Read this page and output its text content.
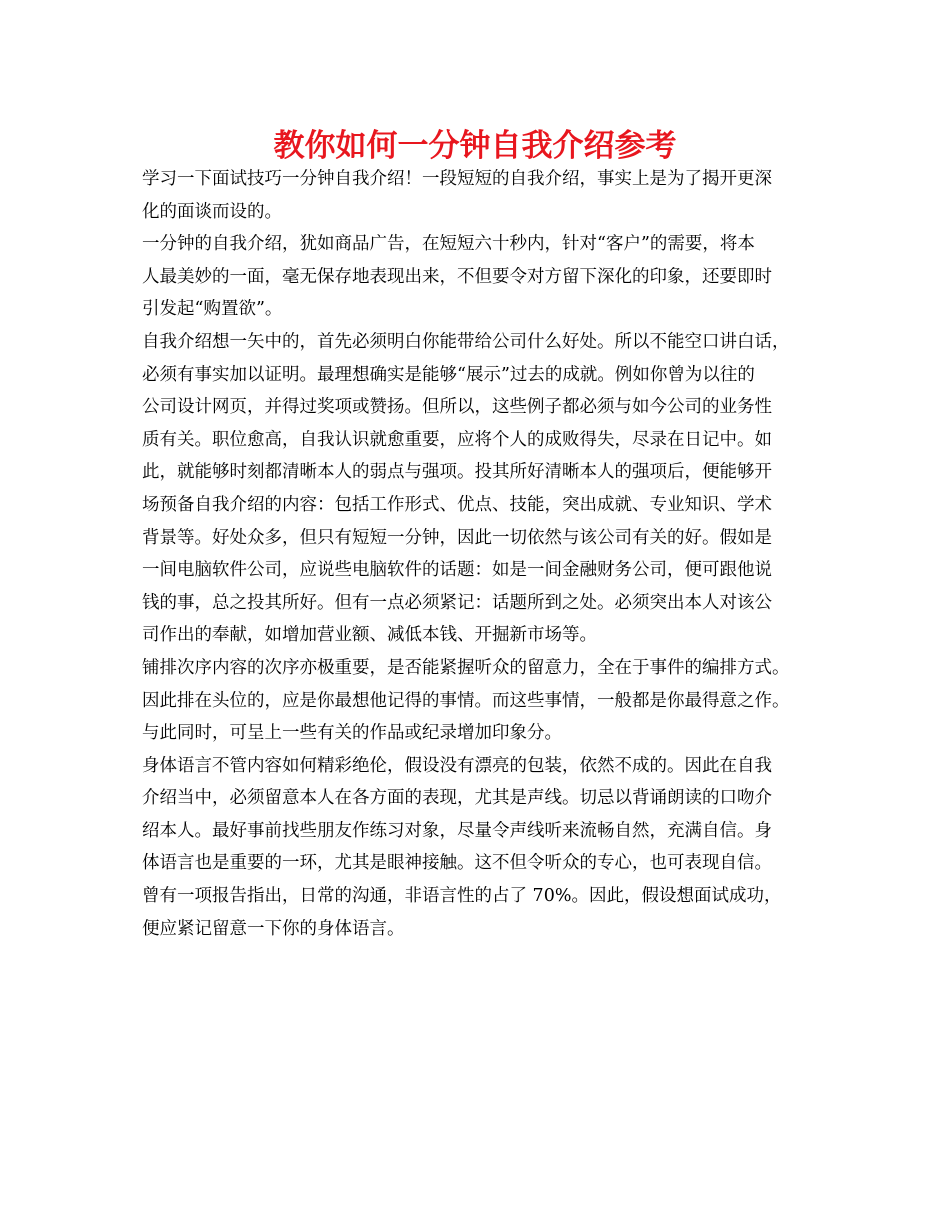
教你如何一分钟自我介绍参考
学习一下面试技巧一分钟自我介绍！一段短短的自我介绍，事实上是为了揭开更深
化的面谈而设的。
一分钟的自我介绍，犹如商品广告，在短短六十秒内，针对“客户”的需要，将本
人最美妙的一面，毫无保存地表现出来，不但要令对方留下深化的印象，还要即时
引发起“购置欲”。
自我介绍想一矢中的，首先必须明白你能带给公司什么好处。所以不能空口讲白话，
必须有事实加以证明。最理想确实是能够“展示”过去的成就。例如你曾为以往的
公司设计网页，并得过奖项或赞扬。但所以，这些例子都必须与如今公司的业务性
质有关。职位愈高，自我认识就愈重要，应将个人的成败得失，尽录在日记中。如
此，就能够时刻都清晰本人的弱点与强项。投其所好清晰本人的强项后，便能够开
场预备自我介绍的内容：包括工作形式、优点、技能，突出成就、专业知识、学术
背景等。好处众多，但只有短短一分钟，因此一切依然与该公司有关的好。假如是
一间电脑软件公司，应说些电脑软件的话题：如是一间金融财务公司，便可跟他说
钱的事，总之投其所好。但有一点必须紧记：话题所到之处。必须突出本人对该公
司作出的奉献，如增加营业额、减低本钱、开掘新市场等。
铺排次序内容的次序亦极重要，是否能紧握听众的留意力，全在于事件的编排方式。
因此排在头位的，应是你最想他记得的事情。而这些事情，一般都是你最得意之作。
与此同时，可呈上一些有关的作品或纪录增加印象分。
身体语言不管内容如何精彩绝伦，假设没有漂亮的包装，依然不成的。因此在自我
介绍当中，必须留意本人在各方面的表现，尤其是声线。切忌以背诵朗读的口吻介
绍本人。最好事前找些朋友作练习对象，尽量令声线听来流畅自然，充满自信。身
体语言也是重要的一环，尤其是眼神接触。这不但令听众的专心，也可表现自信。
曾有一项报告指出，日常的沟通，非语言性的占了 70%。因此，假设想面试成功，
便应紧记留意一下你的身体语言。
